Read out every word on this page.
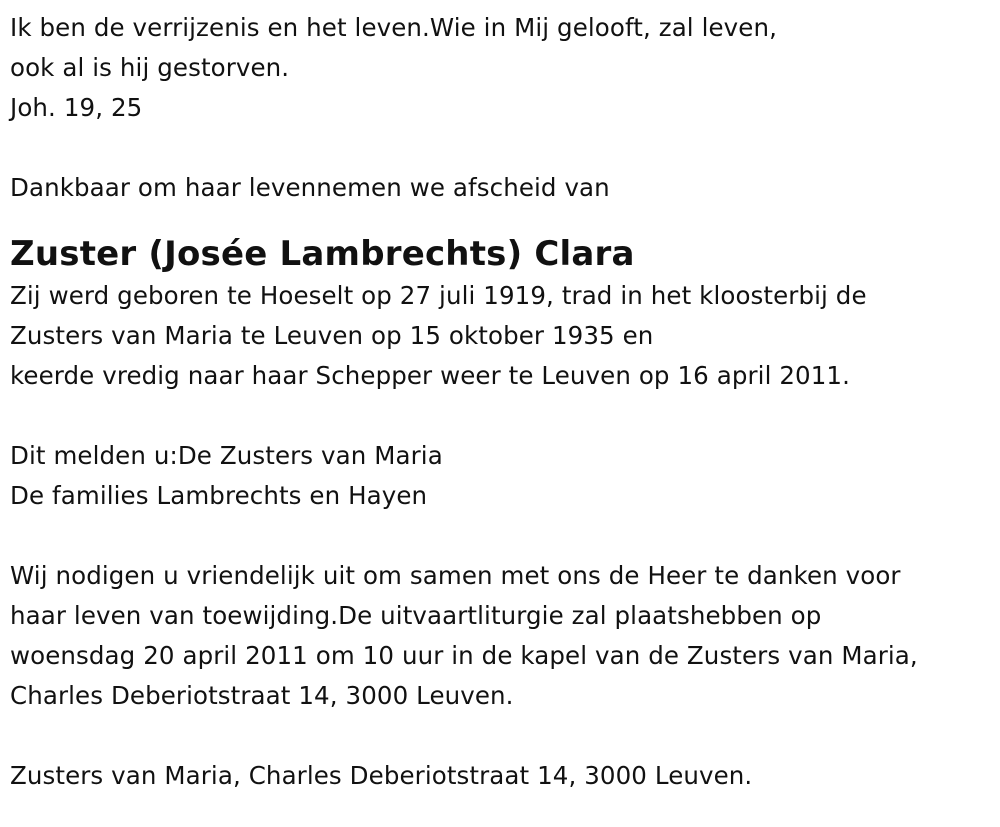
Ik ben de verrijzenis en het leven.Wie in Mij gelooft, zal leven,
ook al is hij gestorven.
Joh. 19, 25
Dankbaar om haar levennemen we afscheid van
Zuster (Josée Lambrechts) Clara
Zij werd geboren te Hoeselt op 27 juli 1919, trad in het kloosterbij de
Zusters van Maria te Leuven op 15 oktober 1935 en
keerde vredig naar haar Schepper weer te Leuven op 16 april 2011.
Dit melden u:De Zusters van Maria
De families Lambrechts en Hayen
Wij nodigen u vriendelijk uit om samen met ons de Heer te danken voor
haar leven van toewijding.De uitvaartliturgie zal plaatshebben op
woensdag 20 april 2011 om 10 uur in de kapel van de Zusters van Maria,
Charles Deberiotstraat 14, 3000 Leuven.
Zusters van Maria, Charles Deberiotstraat 14, 3000 Leuven.
